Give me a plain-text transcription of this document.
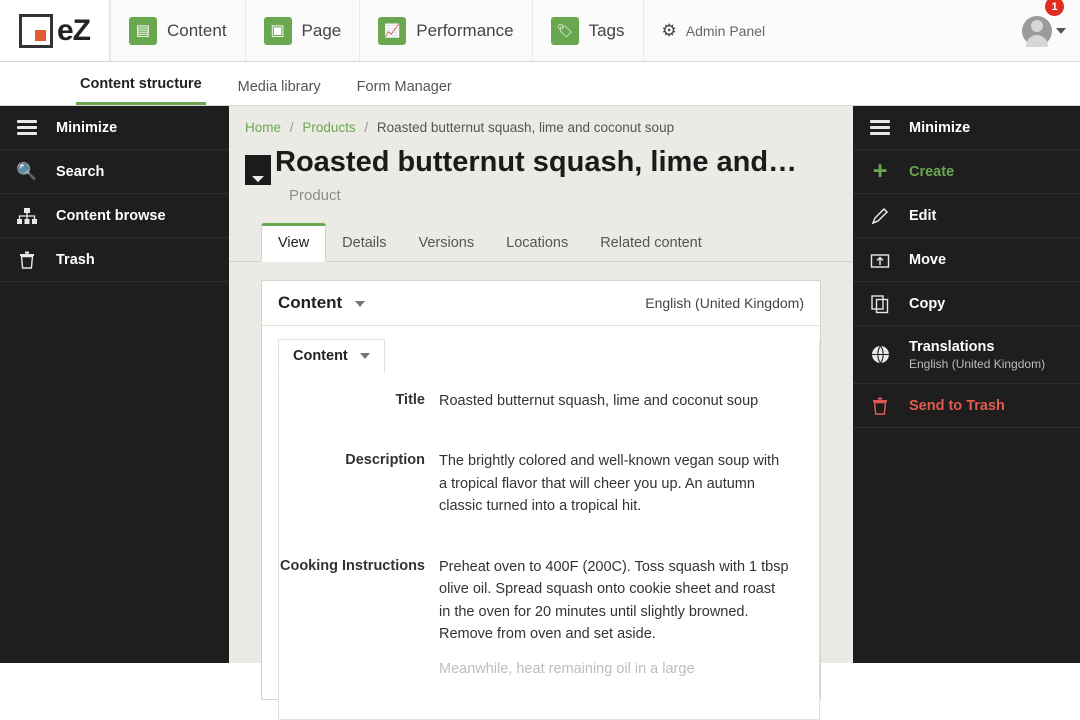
eZ	▤ Content	▣ Page	📈 Performance	🏷 Tags ⚙ Admin Panel
1
Content structure Media library Form Manager
Minimize
🔍 Search
Content browse
Trash
Minimize
+	Create
Edit
Move
Copy
Translations
English (United Kingdom)
Send to Trash
Home / Products / Roasted butternut squash, lime and coconut soup
Roasted butternut squash, lime and…
Product
View	Details	Versions	Locations	Related content
Content	English (United Kingdom)
Content
Title Roasted butternut squash, lime and coconut soup
Description The brightly colored and well-known vegan soup with a tropical flavor that will cheer you up. An autumn classic turned into a tropical hit.
Cooking Instructions Preheat oven to 400F (200C). Toss squash with 1 tbsp olive oil. Spread squash onto cookie sheet and roast in the oven for 20 minutes until slightly browned. Remove from oven and set aside.
Meanwhile, heat remaining oil in a large
